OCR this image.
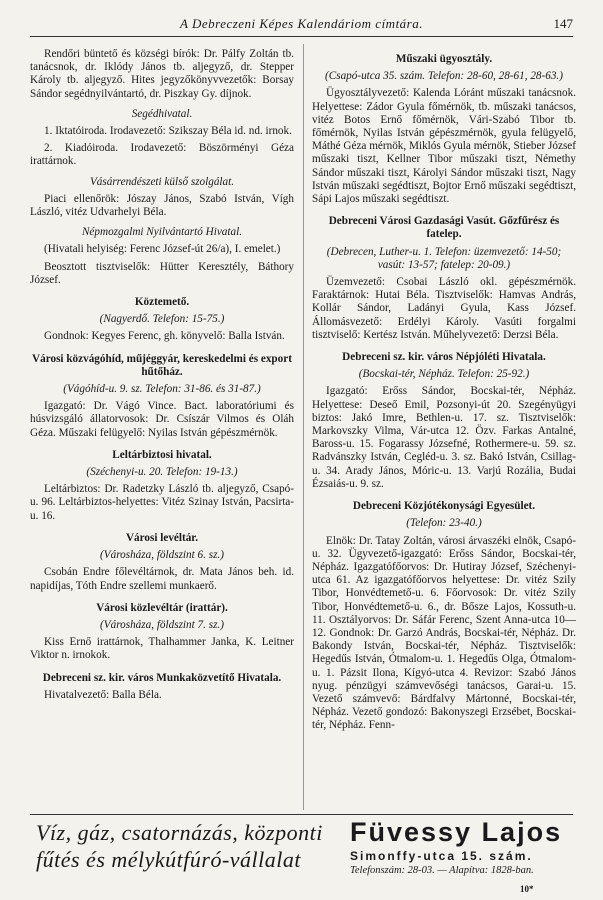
A Debreczeni Képes Kalendáriom címtára.	147

Rendőri büntető és községi bírók: Dr. Pálfy Zoltán tb. tanácsnok, dr. Iklódy János tb. aljegyző, dr. Stepper Károly tb. aljegyző. Hites jegyzőkönyvvezetők: Borsay Sándor segédnyilvántartó, dr. Piszkay Gy. díjnok.

Segédhivatal.

1. Iktatóiroda. Irodavezető: Szikszay Béla id. nd. irnok.

2. Kiadóiroda. Irodavezető: Böszörményi Géza irattárnok.

Vásárrendészeti külső szolgálat.

Piaci ellenőrök: Jószay János, Szabó István, Vígh László, vitéz Udvarhelyi Béla.

Népmozgalmi Nyilvántartó Hivatal.

(Hivatali helyiség: Ferenc József-út 26/a), I. emelet.)

Beosztott tisztviselők: Hütter Keresztély, Báthory József.

Köztemető.

(Nagyerdő. Telefon: 15-75.)

Gondnok: Kegyes Ferenc, gh. könyvelő: Balla István.

Városi közvágóhíd, műjéggyár, kereskedelmi és export hűtőház.

(Vágóhíd-u. 9. sz. Telefon: 31-86. és 31-87.)

Igazgató: Dr. Vágó Vince. Bact. laboratóriumi és húsvizsgáló állatorvosok: Dr. Csíszár Vilmos és Oláh Géza. Műszaki felügyelő: Nyilas István gépészmérnök.

Leltárbiztosi hivatal.

(Széchenyi-u. 20. Telefon: 19-13.)

Leltárbiztos: Dr. Radetzky László tb. aljegyző, Csapó-u. 96. Leltárbiztos-helyettes: Vitéz Szinay István, Pacsirta-u. 16.

Városi levéltár.

(Városháza, földszint 6. sz.)

Csobán Endre főlevéltárnok, dr. Mata János beh. id. napidíjas, Tóth Endre szellemi munkaerő.

Városi közlevéltár (irattár).

(Városháza, földszint 7. sz.)

Kiss Ernő irattárnok, Thalhammer Janka, K. Leitner Viktor n. irnokok.

Debreceni sz. kir. város Munkaközvetítő Hivatala.

Hivatalvezető: Balla Béla.

Műszaki ügyosztály.

(Csapó-utca 35. szám. Telefon: 28-60, 28-61, 28-63.)

Ügyosztályvezető: Kalenda Lóránt műszaki tanácsnok. Helyettese: Zádor Gyula főmérnök, tb. műszaki tanácsos, vitéz Botos Ernő főmérnök, Vári-Szabó Tibor tb. főmérnök, Nyilas István gépészmérnök, gyula felügyelő, Máthé Géza mérnök, Miklós Gyula mérnök, Stieber József műszaki tiszt, Kellner Tibor műszaki tiszt, Némethy Sándor műszaki tiszt, Károlyi Sándor műszaki tiszt, Nagy István műszaki segédtiszt, Bojtor Ernő műszaki segédtiszt, Sápi Lajos műszaki segédtiszt.

Debreceni Városi Gazdasági Vasút. Gőzfűrész és fatelep.

(Debrecen, Luther-u. 1. Telefon: üzemvezető: 14-50; vasút: 13-57; fatelep: 20-09.)

Üzemvezető: Csobai László okl. gépészmérnök. Faraktárnok: Hutai Béla. Tisztviselők: Hamvas András, Kollár Sándor, Ladányi Gyula, Kass József. Állomásvezető: Erdélyi Károly. Vasúti forgalmi tisztviselő: Kertész István. Műhelyvezető: Derzsi Béla.

Debreceni sz. kir. város Népjóléti Hivatala.

(Bocskai-tér, Népház. Telefon: 25-92.)

Igazgató: Erőss Sándor, Bocskai-tér, Népház. Helyettese: Deseő Emil, Pozsonyi-út 20. Szegényügyi biztos: Jakó Imre, Bethlen-u. 17. sz. Tisztviselők: Markovszky Vilma, Vár-utca 12. Özv. Farkas Antalné, Baross-u. 15. Fogarassy Józsefné, Rothermere-u. 59. sz. Radvánszky István, Cegléd-u. 3. sz. Bakó István, Csillag-u. 34. Arady János, Móric-u. 13. Varjú Rozália, Budai Ézsaiás-u. 9. sz.

Debreceni Közjótékonysági Egyesület.

(Telefon: 23-40.)

Elnök: Dr. Tatay Zoltán, városi árvaszéki elnök, Csapó-u. 32. Ügyvezető-igazgató: Erőss Sándor, Bocskai-tér, Népház. Igazgatófőorvos: Dr. Hutiray József, Széchenyi-utca 61. Az igazgatófőorvos helyettese: Dr. vitéz Szily Tibor, Honvédtemető-u. 6. Főorvosok: Dr. vitéz Szily Tibor, Honvédtemető-u. 6., dr. Bősze Lajos, Kossuth-u. 11. Osztályorvos: Dr. Sáfár Ferenc, Szent Anna-utca 10—12. Gondnok: Dr. Garzó András, Bocskai-tér, Népház. Dr. Bakondy István, Bocskai-tér, Népház. Tisztviselők: Hegedűs István, Ótmalom-u. 1. Hegedűs Olga, Ótmalom-u. 1. Pázsit Ilona, Kígyó-utca 4. Revizor: Szabó János nyug. pénzügyi számvevőségi tanácsos, Garai-u. 15. Vezető számvevő: Bárdfalvy Mártonné, Bocskai-tér, Népház. Vezető gondozó: Bakonyszegi Erzsébet, Bocskai-tér, Népház. Fenn-

Víz, gáz, csatornázás, központi
fűtés és mélykútfúró-vállalat
Füvessy Lajos
Simonffy-utca 15. szám.
Telefonszám: 28-03. — Alapítva: 1828-ban.
10*
